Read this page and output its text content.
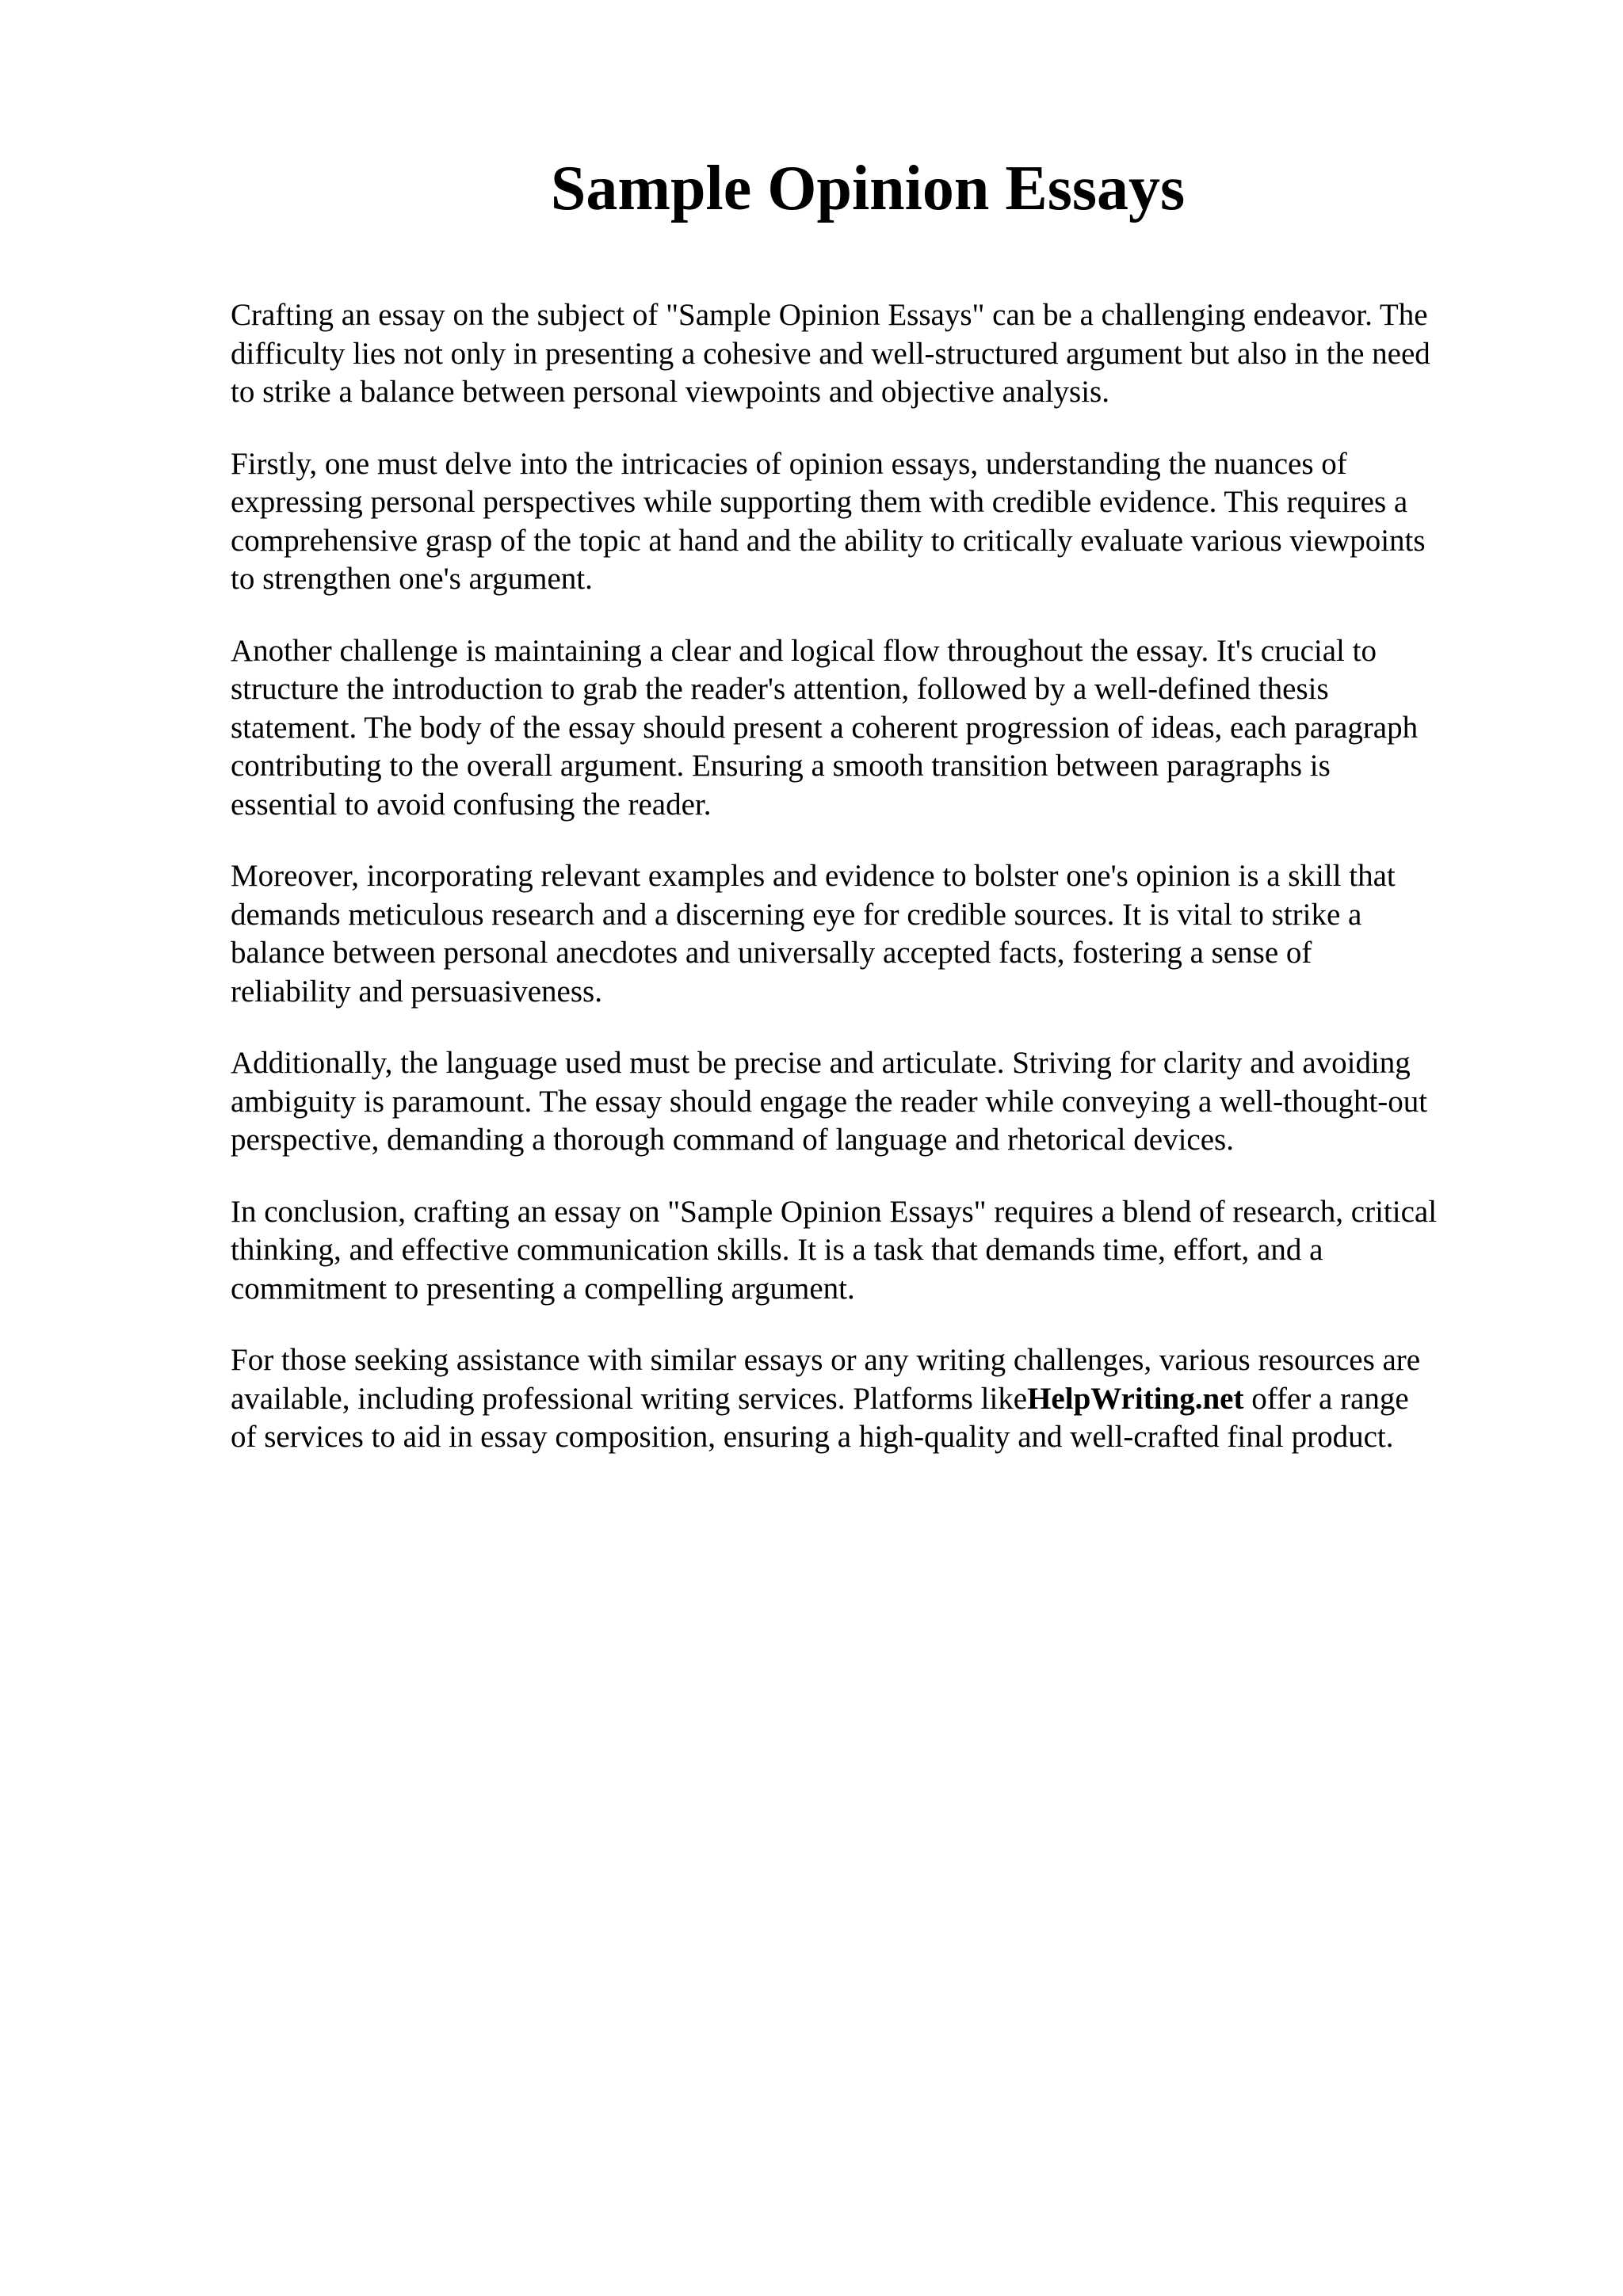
Sample Opinion Essays

Crafting an essay on the subject of "Sample Opinion Essays" can be a challenging endeavor. The
difficulty lies not only in presenting a cohesive and well-structured argument but also in the need
to strike a balance between personal viewpoints and objective analysis.

Firstly, one must delve into the intricacies of opinion essays, understanding the nuances of
expressing personal perspectives while supporting them with credible evidence. This requires a
comprehensive grasp of the topic at hand and the ability to critically evaluate various viewpoints
to strengthen one's argument.

Another challenge is maintaining a clear and logical flow throughout the essay. It's crucial to
structure the introduction to grab the reader's attention, followed by a well-defined thesis
statement. The body of the essay should present a coherent progression of ideas, each paragraph
contributing to the overall argument. Ensuring a smooth transition between paragraphs is
essential to avoid confusing the reader.

Moreover, incorporating relevant examples and evidence to bolster one's opinion is a skill that
demands meticulous research and a discerning eye for credible sources. It is vital to strike a
balance between personal anecdotes and universally accepted facts, fostering a sense of
reliability and persuasiveness.

Additionally, the language used must be precise and articulate. Striving for clarity and avoiding
ambiguity is paramount. The essay should engage the reader while conveying a well-thought-out
perspective, demanding a thorough command of language and rhetorical devices.

In conclusion, crafting an essay on "Sample Opinion Essays" requires a blend of research, critical
thinking, and effective communication skills. It is a task that demands time, effort, and a
commitment to presenting a compelling argument.

For those seeking assistance with similar essays or any writing challenges, various resources are
available, including professional writing services. Platforms likeHelpWriting.net offer a range
of services to aid in essay composition, ensuring a high-quality and well-crafted final product.
